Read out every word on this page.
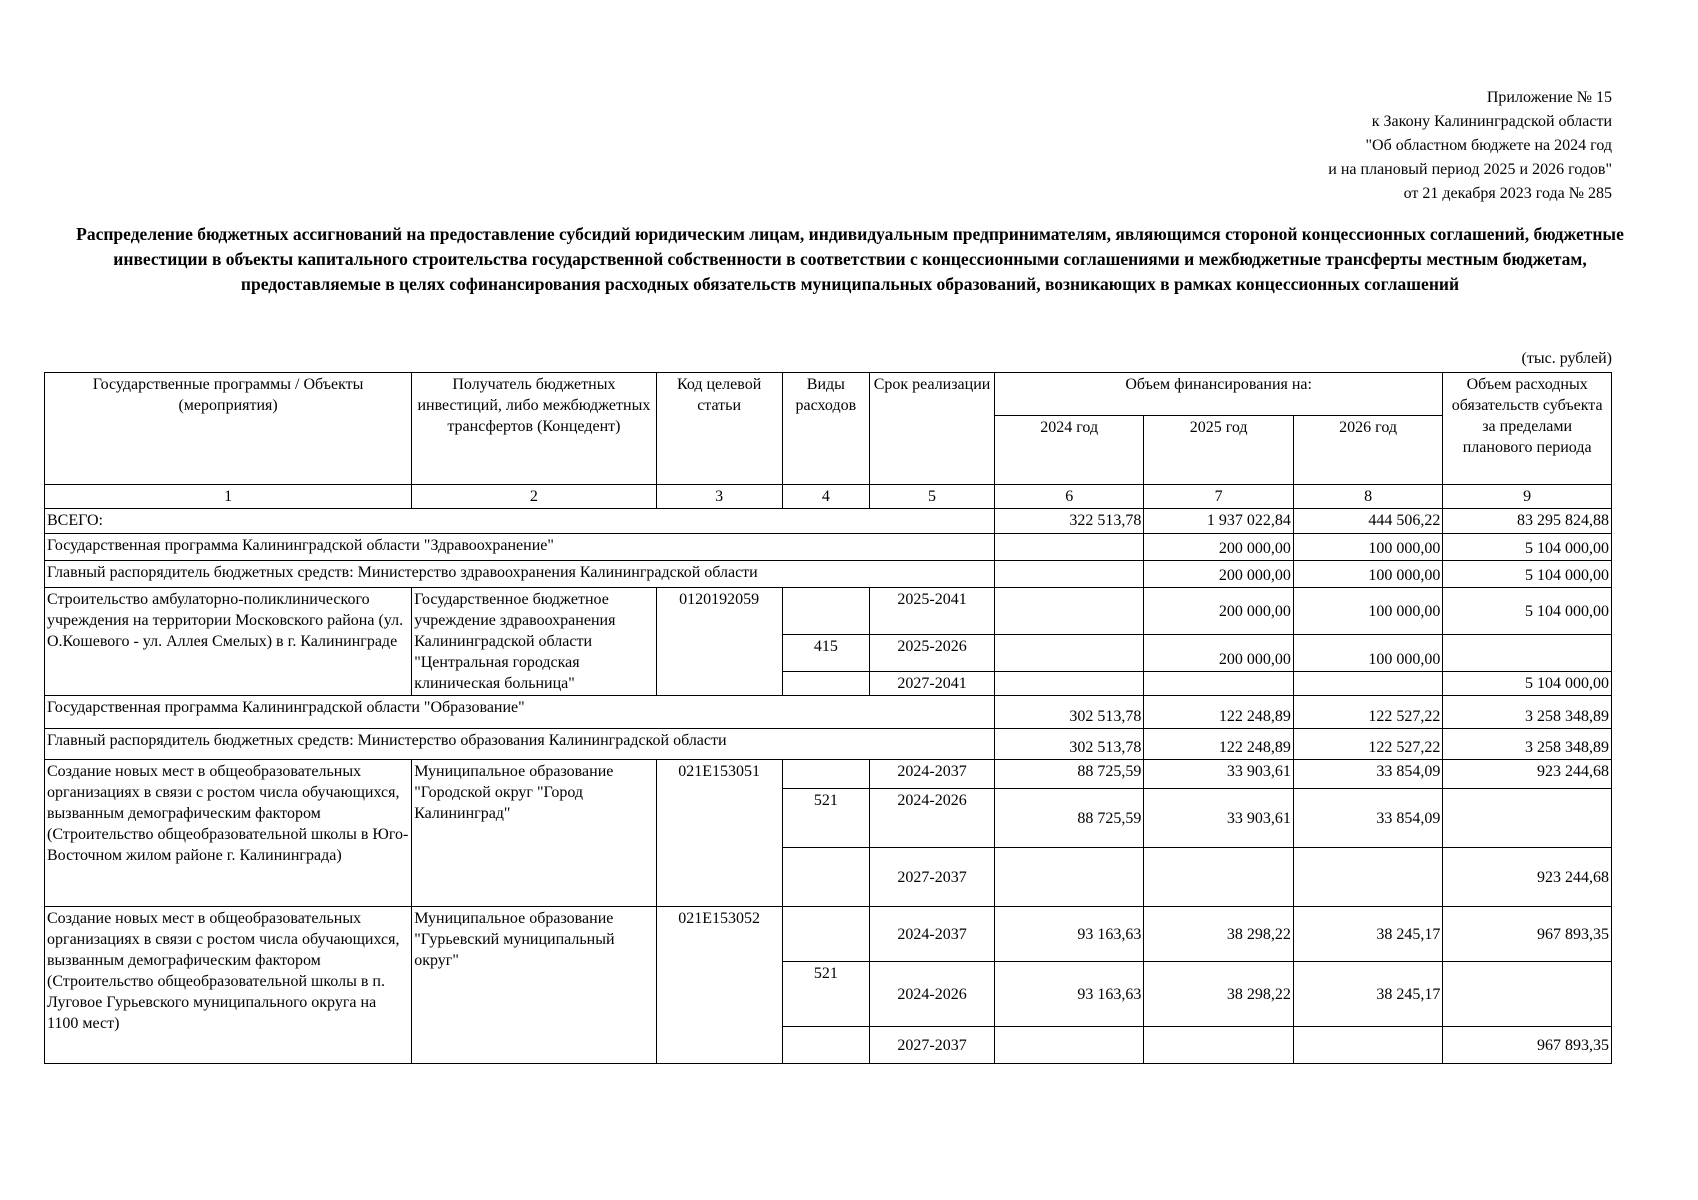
Приложение № 15
к Закону Калининградской области
"Об областном бюджете на 2024 год
и на плановый период 2025 и 2026 годов"
от 21 декабря 2023 года № 285
Распределение бюджетных ассигнований на предоставление субсидий юридическим лицам, индивидуальным предпринимателям, являющимся стороной концессионных соглашений, бюджетные инвестиции в объекты капитального строительства государственной собственности в соответствии с концессионными соглашениями и межбюджетные трансферты местным бюджетам, предоставляемые в целях софинансирования расходных обязательств муниципальных образований, возникающих в рамках концессионных соглашений
(тыс. рублей)
Государственные программы / Объекты (мероприятия)	Получатель бюджетных инвестиций, либо межбюджетных трансфертов (Концедент)	Код целевой статьи	Виды расходов	Срок реализации	Объем финансирования на:			Объем расходных обязательств субъекта за пределами планового периода
					2024 год	2025 год	2026 год	
1	2	3	4	5	6	7	8	9
ВСЕГО:					322 513,78	1 937 022,84	444 506,22	83 295 824,88
Государственная программа Калининградской области "Здравоохранение"						200 000,00	100 000,00	5 104 000,00
Главный распорядитель бюджетных средств: Министерство здравоохранения Калининградской области						200 000,00	100 000,00	5 104 000,00
Строительство амбулаторно-поликлинического учреждения на территории Московского района (ул. О.Кошевого - ул. Аллея Смелых) в г. Калининграде	Государственное бюджетное учреждение здравоохранения Калининградской области "Центральная городская клиническая больница"	0120192059		2025-2041		200 000,00	100 000,00	5 104 000,00
			415	2025-2026		200 000,00	100 000,00	
				2027-2041				5 104 000,00
Государственная программа Калининградской области "Образование"					302 513,78	122 248,89	122 527,22	3 258 348,89
Главный распорядитель бюджетных средств: Министерство образования Калининградской области					302 513,78	122 248,89	122 527,22	3 258 348,89
Создание новых мест в общеобразовательных организациях в связи с ростом числа обучающихся, вызванным демографическим фактором (Строительство общеобразовательной школы в Юго-Восточном жилом районе г. Калининграда)	Муниципальное образование "Городской округ "Город Калининград"	021E153051		2024-2037	88 725,59	33 903,61	33 854,09	923 244,68
			521	2024-2026	88 725,59	33 903,61	33 854,09	
				2027-2037				923 244,68
Создание новых мест в общеобразовательных организациях в связи с ростом числа обучающихся, вызванным демографическим фактором (Строительство общеобразовательной школы в п. Луговое Гурьевского муниципального округа на 1100 мест)	Муниципальное образование "Гурьевский муниципальный округ"	021E153052		2024-2037	93 163,63	38 298,22	38 245,17	967 893,35
			521	2024-2026	93 163,63	38 298,22	38 245,17	
				2027-2037				967 893,35
